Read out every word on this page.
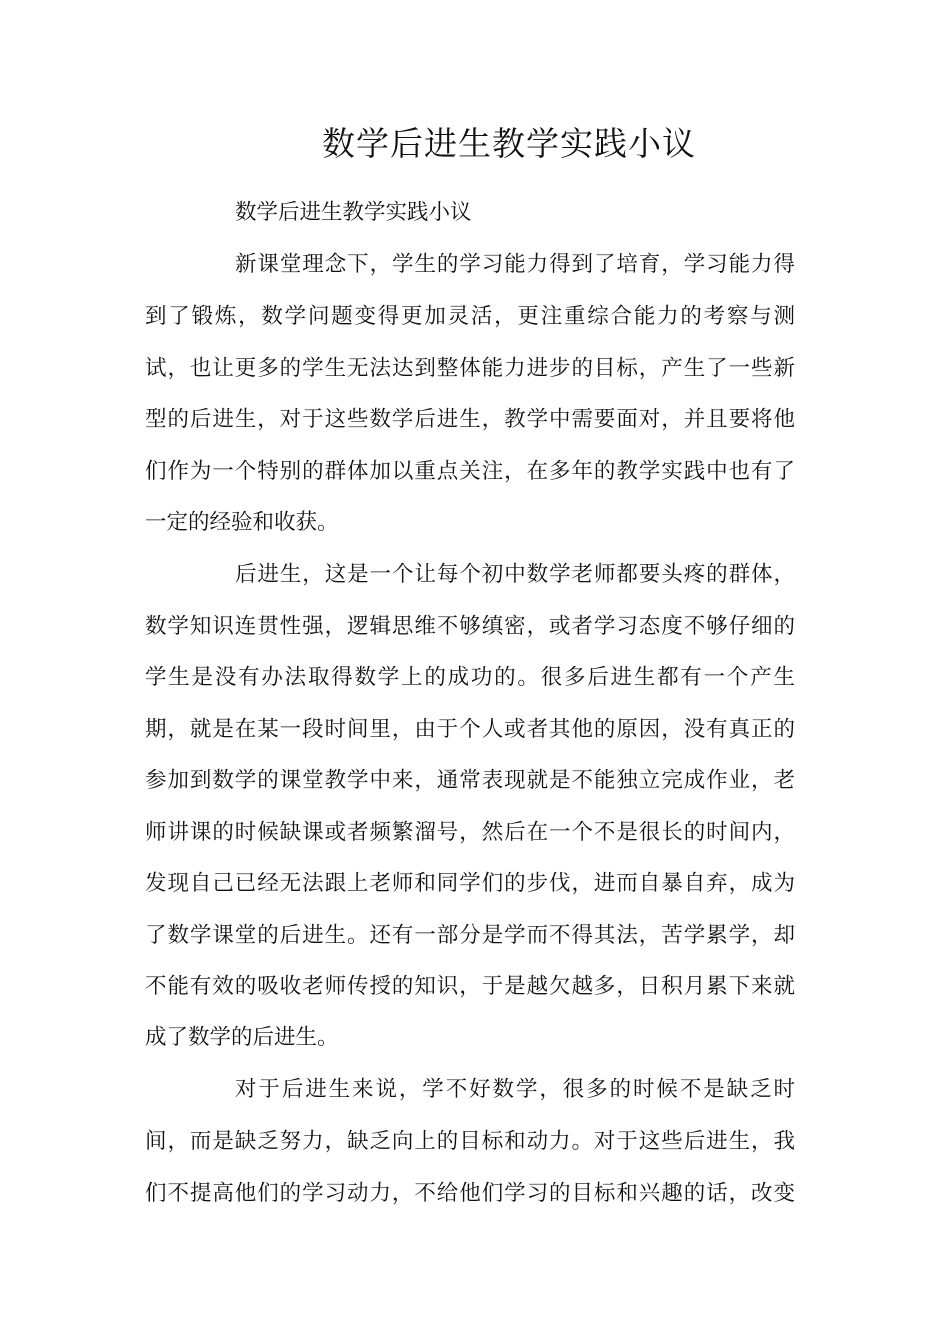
数学后进生教学实践小议

数学后进生教学实践小议

新课堂理念下，学生的学习能力得到了培育，学习能力得

到了锻炼，数学问题变得更加灵活，更注重综合能力的考察与测

试，也让更多的学生无法达到整体能力进步的目标，产生了一些新

型的后进生，对于这些数学后进生，教学中需要面对，并且要将他

们作为一个特别的群体加以重点关注，在多年的教学实践中也有了

一定的经验和收获。

后进生，这是一个让每个初中数学老师都要头疼的群体，

数学知识连贯性强，逻辑思维不够缜密，或者学习态度不够仔细的

学生是没有办法取得数学上的成功的。很多后进生都有一个产生

期，就是在某一段时间里，由于个人或者其他的原因，没有真正的

参加到数学的课堂教学中来，通常表现就是不能独立完成作业，老

师讲课的时候缺课或者频繁溜号，然后在一个不是很长的时间内，

发现自己已经无法跟上老师和同学们的步伐，进而自暴自弃，成为

了数学课堂的后进生。还有一部分是学而不得其法，苦学累学，却

不能有效的吸收老师传授的知识，于是越欠越多，日积月累下来就

成了数学的后进生。

对于后进生来说，学不好数学，很多的时候不是缺乏时

间，而是缺乏努力，缺乏向上的目标和动力。对于这些后进生，我

们不提高他们的学习动力，不给他们学习的目标和兴趣的话，改变
